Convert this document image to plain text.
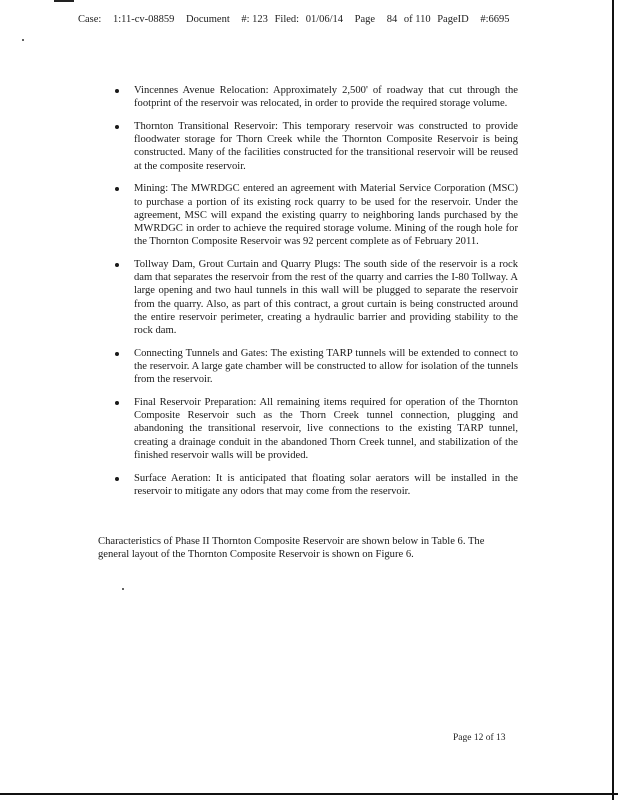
Case: 1:11-cv-08859 Document #: 123 Filed: 01/06/14 Page 84 of 110 PageID #:6695
Vincennes Avenue Relocation: Approximately 2,500' of roadway that cut through the footprint of the reservoir was relocated, in order to provide the required storage volume.
Thornton Transitional Reservoir: This temporary reservoir was constructed to provide floodwater storage for Thorn Creek while the Thornton Composite Reservoir is being constructed. Many of the facilities constructed for the transitional reservoir will be reused at the composite reservoir.
Mining: The MWRDGC entered an agreement with Material Service Corporation (MSC) to purchase a portion of its existing rock quarry to be used for the reservoir. Under the agreement, MSC will expand the existing quarry to neighboring lands purchased by the MWRDGC in order to achieve the required storage volume. Mining of the rough hole for the Thornton Composite Reservoir was 92 percent complete as of February 2011.
Tollway Dam, Grout Curtain and Quarry Plugs: The south side of the reservoir is a rock dam that separates the reservoir from the rest of the quarry and carries the I-80 Tollway. A large opening and two haul tunnels in this wall will be plugged to separate the reservoir from the quarry. Also, as part of this contract, a grout curtain is being constructed around the entire reservoir perimeter, creating a hydraulic barrier and providing stability to the rock dam.
Connecting Tunnels and Gates: The existing TARP tunnels will be extended to connect to the reservoir. A large gate chamber will be constructed to allow for isolation of the tunnels from the reservoir.
Final Reservoir Preparation: All remaining items required for operation of the Thornton Composite Reservoir such as the Thorn Creek tunnel connection, plugging and abandoning the transitional reservoir, live connections to the existing TARP tunnel, creating a drainage conduit in the abandoned Thorn Creek tunnel, and stabilization of the finished reservoir walls will be provided.
Surface Aeration: It is anticipated that floating solar aerators will be installed in the reservoir to mitigate any odors that may come from the reservoir.

Characteristics of Phase II Thornton Composite Reservoir are shown below in Table 6. The general layout of the Thornton Composite Reservoir is shown on Figure 6.

Page 12 of 13
